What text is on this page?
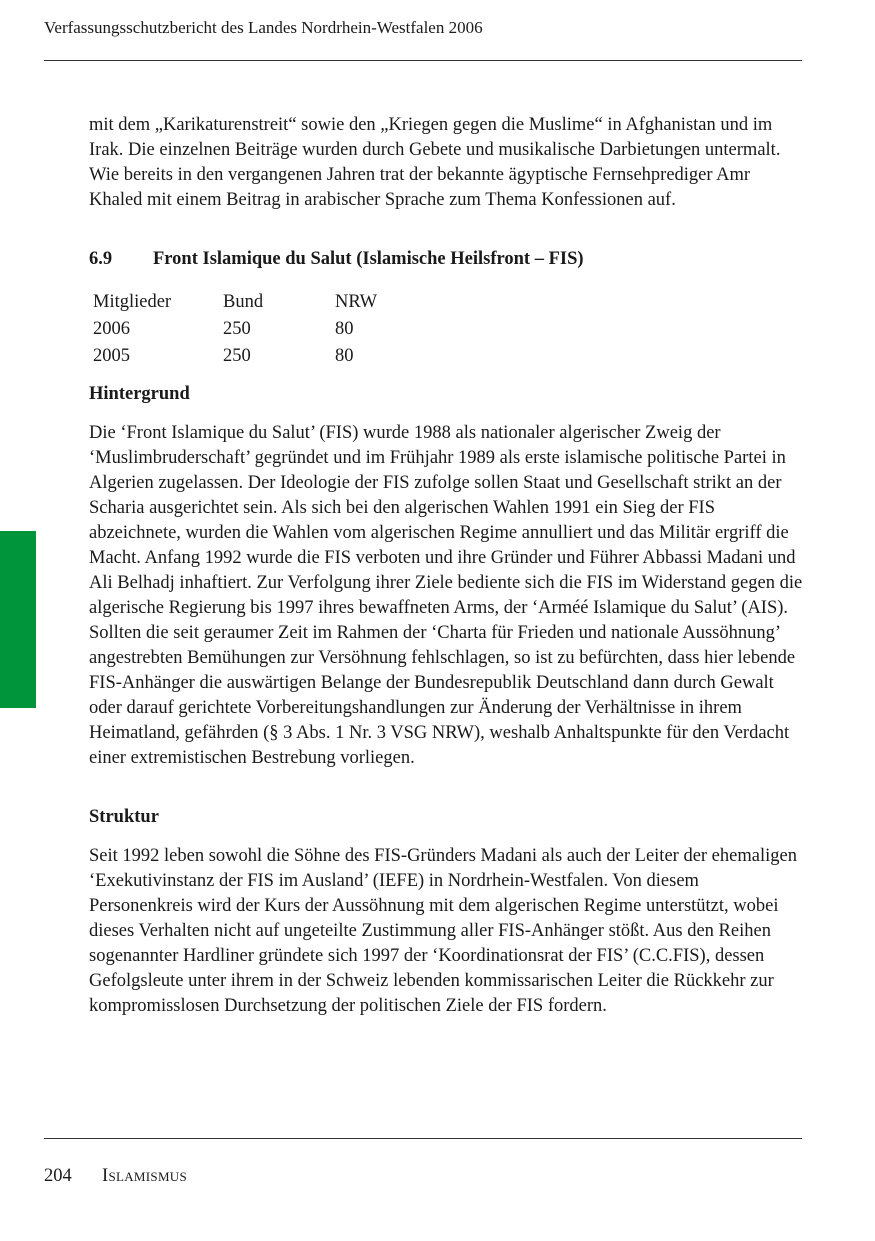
Verfassungsschutzbericht des Landes Nordrhein-Westfalen 2006

mit dem „Karikaturenstreit“ sowie den „Kriegen gegen die Muslime“ in Afghanistan und im Irak. Die einzelnen Beiträge wurden durch Gebete und musikalische Darbietungen untermalt. Wie bereits in den vergangenen Jahren trat der bekannte ägyptische Fernsehprediger Amr Khaled mit einem Beitrag in arabischer Sprache zum Thema Konfessionen auf.

6.9	Front Islamique du Salut (Islamische Heilsfront – FIS)
Mitglieder	Bund	NRW
2006	250	80
2005	250	80

Hintergrund

Die ‘Front Islamique du Salut’ (FIS) wurde 1988 als nationaler algerischer Zweig der ‘Muslimbruderschaft’ gegründet und im Frühjahr 1989 als erste islamische politische Partei in Algerien zugelassen. Der Ideologie der FIS zufolge sollen Staat und Gesellschaft strikt an der Scharia ausgerichtet sein. Als sich bei den algerischen Wahlen 1991 ein Sieg der FIS abzeichnete, wurden die Wahlen vom algerischen Regime annulliert und das Militär ergriff die Macht. Anfang 1992 wurde die FIS verboten und ihre Gründer und Führer Abbassi Madani und Ali Belhadj inhaftiert. Zur Verfolgung ihrer Ziele bediente sich die FIS im Widerstand gegen die algerische Regierung bis 1997 ihres bewaffneten Arms, der ‘Arméé Islamique du Salut’ (AIS). Sollten die seit geraumer Zeit im Rahmen der ‘Charta für Frieden und nationale Aussöhnung’ angestrebten Bemühungen zur Versöhnung fehlschlagen, so ist zu befürchten, dass hier lebende FIS-Anhänger die auswärtigen Belange der Bundesrepublik Deutschland dann durch Gewalt oder darauf gerichtete Vorbereitungshandlungen zur Änderung der Verhältnisse in ihrem Heimatland, gefährden (§ 3 Abs. 1 Nr. 3 VSG NRW), weshalb Anhaltspunkte für den Verdacht einer extremistischen Bestrebung vorliegen.

Struktur

Seit 1992 leben sowohl die Söhne des FIS-Gründers Madani als auch der Leiter der ehemaligen ‘Exekutivinstanz der FIS im Ausland’ (IEFE) in Nordrhein-Westfalen. Von diesem Personenkreis wird der Kurs der Aussöhnung mit dem algerischen Regime unterstützt, wobei dieses Verhalten nicht auf ungeteilte Zustimmung aller FIS-Anhänger stößt. Aus den Reihen sogenannter Hardliner gründete sich 1997 der ‘Koordinationsrat der FIS’ (C.C.FIS), dessen Gefolgsleute unter ihrem in der Schweiz lebenden kommissarischen Leiter die Rückkehr zur kompromisslosen Durchsetzung der politischen Ziele der FIS fordern.

204	Islamismus
